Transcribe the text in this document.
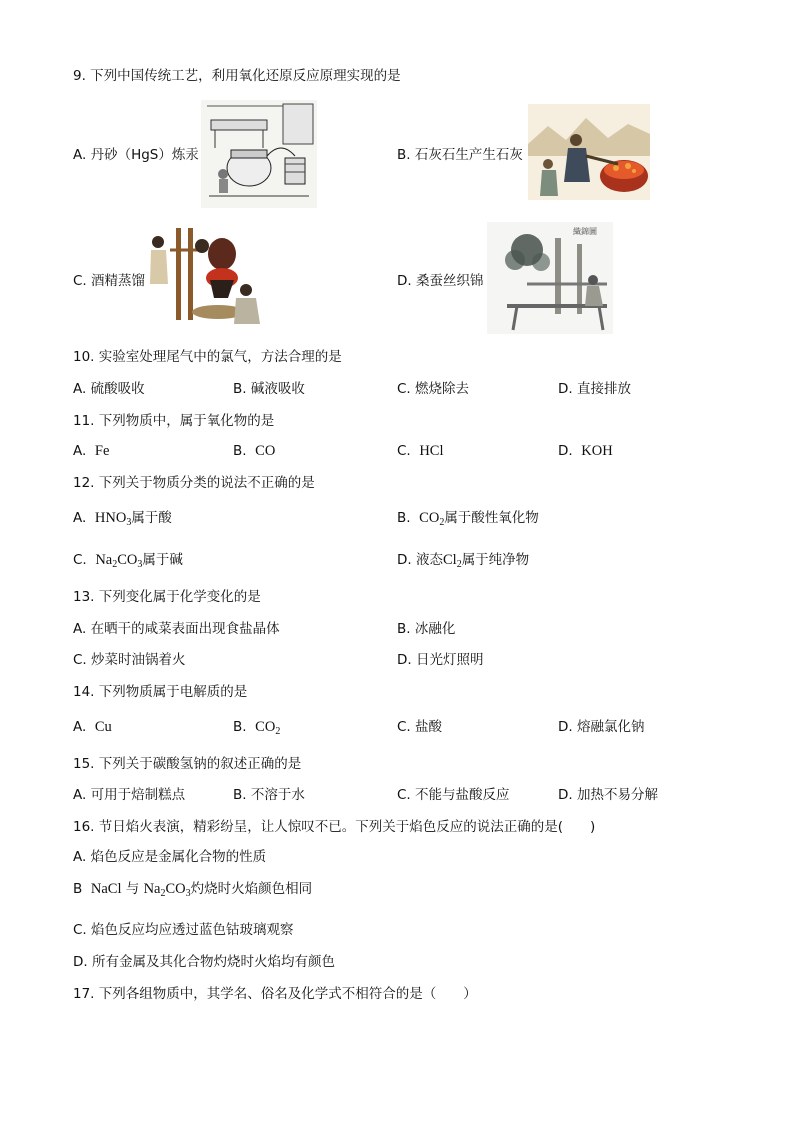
9. 下列中国传统工艺，利用氧化还原反应原理实现的是
A. 丹砂（HgS）炼汞	B. 石灰石生产生石灰
C. 酒精蒸馏
織錦圖
D. 桑蚕丝织锦
10. 实验室处理尾气中的氯气，方法合理的是
A. 硫酸吸收	B. 碱液吸收	C. 燃烧除去	D. 直接排放
11. 下列物质中，属于氧化物的是
A. Fe	B. CO	C. HCl	D. KOH
12. 下列关于物质分类的说法不正确的是
A. $HNO_3$属于酸	B. $CO_2$属于酸性氧化物
C. $Na_2CO_3$属于碱	D. 液态$Cl_2$属于纯净物
13. 下列变化属于化学变化的是
A. 在晒干的咸菜表面出现食盐晶体	B. 冰融化
C. 炒菜时油锅着火	D. 日光灯照明
14. 下列物质属于电解质的是
A. Cu	B. $CO_2$	C. 盐酸	D. 熔融氯化钠
15. 下列关于碳酸氢钠的叙述正确的是
A. 可用于焙制糕点	B. 不溶于水	C. 不能与盐酸反应	D. 加热不易分解
16. 节日焰火表演，精彩纷呈，让人惊叹不已。下列关于焰色反应的说法正确的是(　　)
A. 焰色反应是金属化合物的性质
B NaCl 与 $Na_2CO_3$灼烧时火焰颜色相同
C. 焰色反应均应透过蓝色钴玻璃观察
D. 所有金属及其化合物灼烧时火焰均有颜色
17. 下列各组物质中，其学名、俗名及化学式不相符合的是（　　）
